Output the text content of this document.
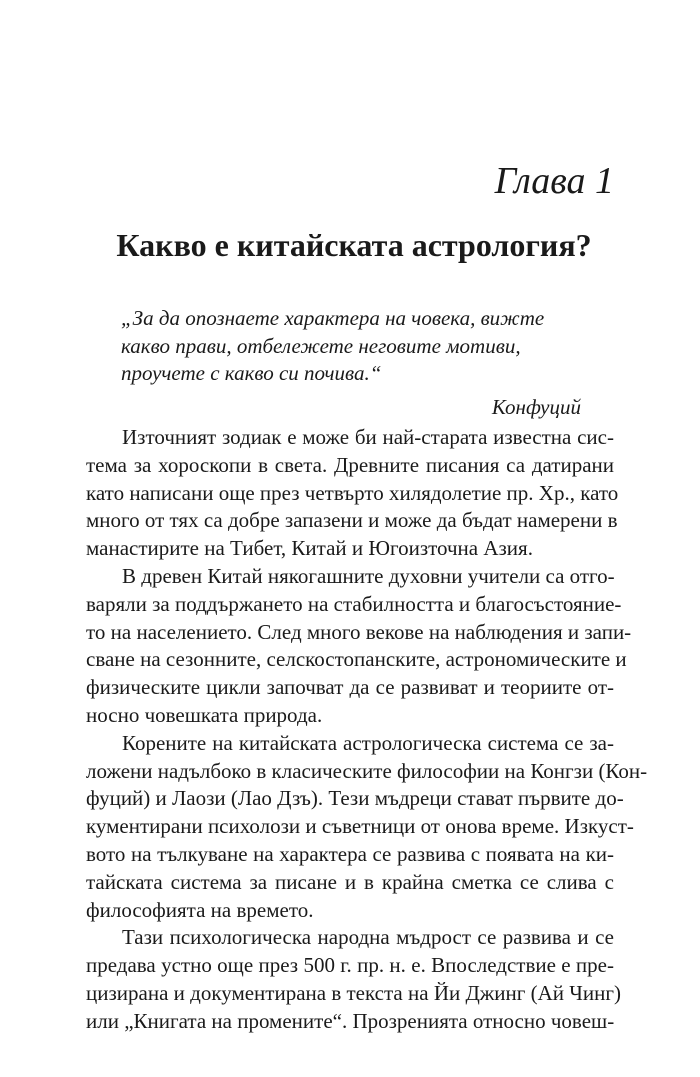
Глава 1
Какво е китайската астрология?

„За да опознаете характера на човека, вижте
какво прави, отбележете неговите мотиви,
проучете с какво си почива.“

Конфуций

Източният зодиак е може би най-старата известна сис-
тема за хороскопи в света. Древните писания са датирани
като написани още през четвърто хилядолетие пр. Хр., като
много от тях са добре запазени и може да бъдат намерени в
манастирите на Тибет, Китай и Югоизточна Азия.
В древен Китай някогашните духовни учители са отго-
варяли за поддържането на стабилността и благосъстояние-
то на населението. След много векове на наблюдения и запи-
сване на сезонните, селскостопанските, астрономическите и
физическите цикли започват да се развиват и теориите от-
носно човешката природа.
Корените на китайската астрологическа система се за-
ложени надълбоко в класическите философии на Конгзи (Кон-
фуций) и Лаози (Лао Дзъ). Тези мъдреци стават първите до-
кументирани психолози и съветници от онова време. Изкуст-
вото на тълкуване на характера се развива с появата на ки-
тайската система за писане и в крайна сметка се слива с
философията на времето.
Тази психологическа народна мъдрост се развива и се
предава устно още през 500 г. пр. н. е. Впоследствие е пре-
цизирана и документирана в текста на Йи Джинг (Ай Чинг)
или „Книгата на промените“. Прозренията относно човеш-
